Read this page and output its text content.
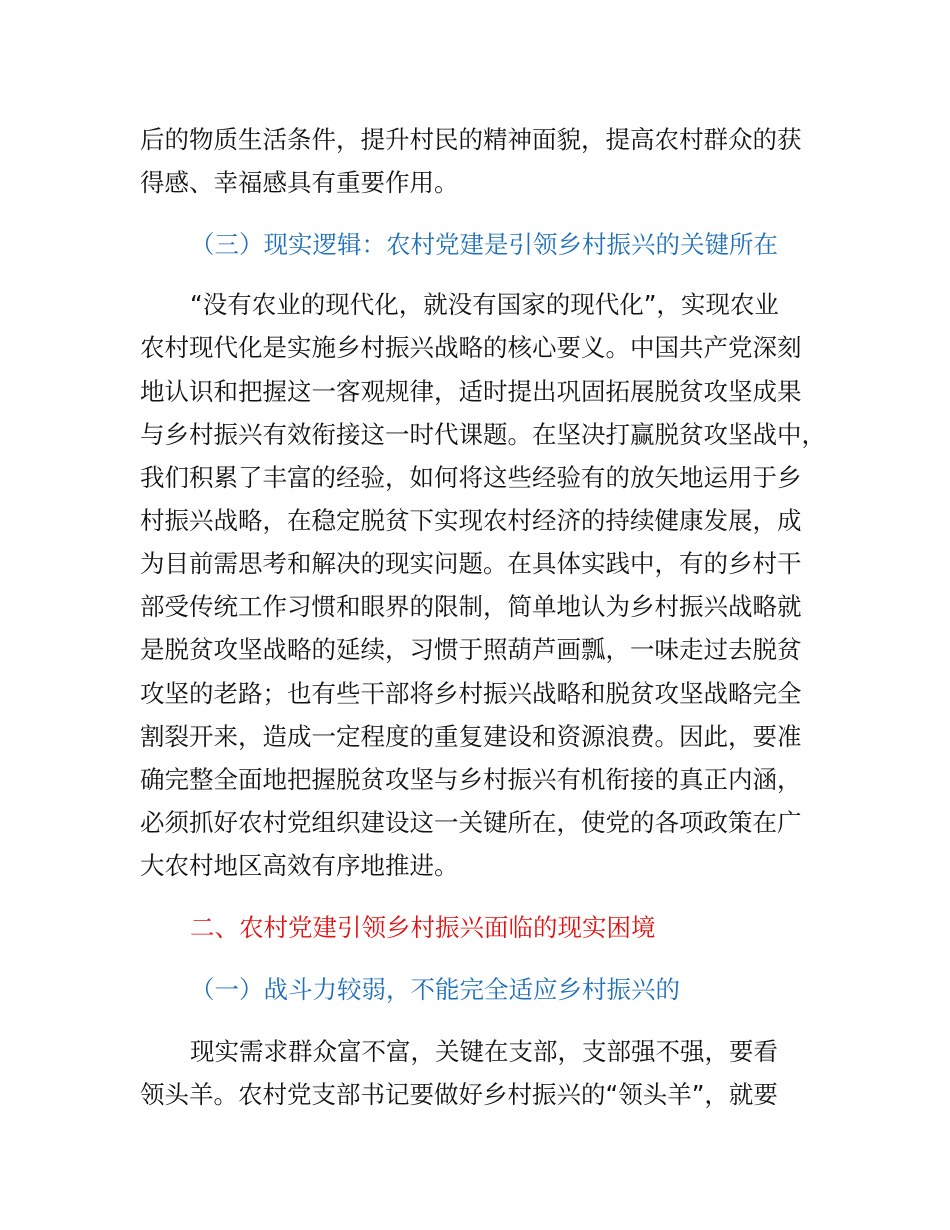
后的物质生活条件，提升村民的精神面貌，提高农村群众的获
得感、幸福感具有重要作用。
（三）现实逻辑：农村党建是引领乡村振兴的关键所在
“没有农业的现代化，就没有国家的现代化”，实现农业
农村现代化是实施乡村振兴战略的核心要义。中国共产党深刻
地认识和把握这一客观规律，适时提出巩固拓展脱贫攻坚成果
与乡村振兴有效衔接这一时代课题。在坚决打赢脱贫攻坚战中，
我们积累了丰富的经验，如何将这些经验有的放矢地运用于乡
村振兴战略，在稳定脱贫下实现农村经济的持续健康发展，成
为目前需思考和解决的现实问题。在具体实践中，有的乡村干
部受传统工作习惯和眼界的限制，简单地认为乡村振兴战略就
是脱贫攻坚战略的延续，习惯于照葫芦画瓢，一味走过去脱贫
攻坚的老路；也有些干部将乡村振兴战略和脱贫攻坚战略完全
割裂开来，造成一定程度的重复建设和资源浪费。因此，要准
确完整全面地把握脱贫攻坚与乡村振兴有机衔接的真正内涵，
必须抓好农村党组织建设这一关键所在，使党的各项政策在广
大农村地区高效有序地推进。
二、农村党建引领乡村振兴面临的现实困境
（一）战斗力较弱，不能完全适应乡村振兴的
现实需求群众富不富，关键在支部，支部强不强，要看
领头羊。农村党支部书记要做好乡村振兴的“领头羊”，就要
